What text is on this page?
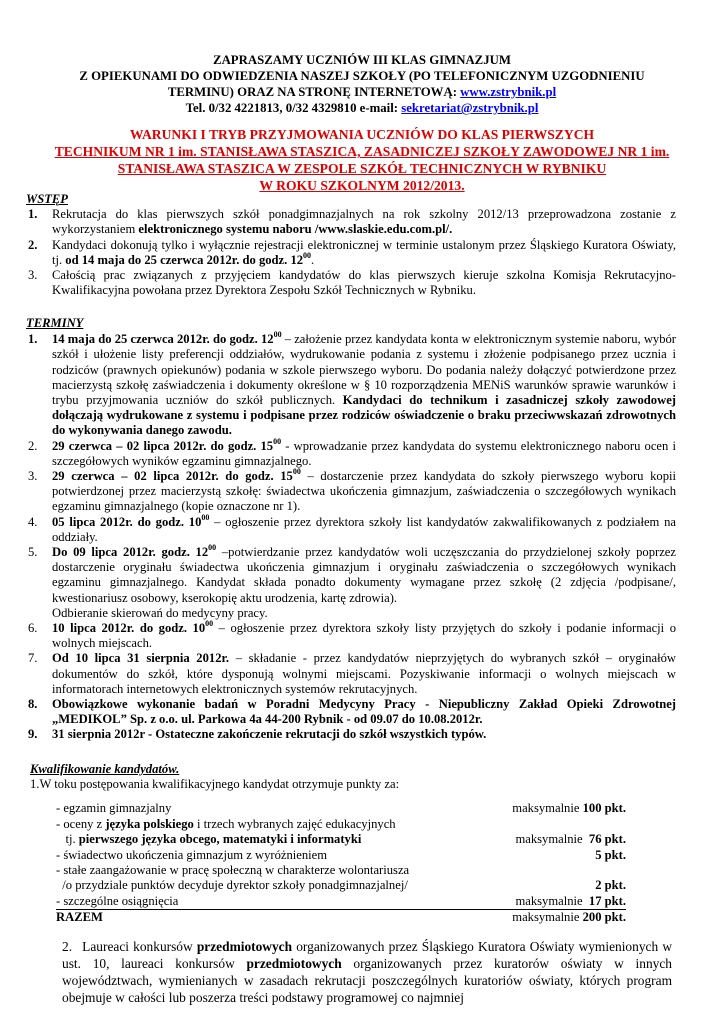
ZAPRASZAMY UCZNIÓW III KLAS GIMNAZJUM

Z OPIEKUNAMI DO ODWIEDZENIA NASZEJ SZKOŁY (PO TELEFONICZNYM UZGODNIENIU

TERMINU) ORAZ NA STRONĘ INTERNETOWĄ: www.zstrybnik.pl

Tel. 0/32 4221813, 0/32 4329810 e-mail: sekretariat@zstrybnik.pl

WARUNKI I TRYB PRZYJMOWANIA UCZNIÓW DO KLAS PIERWSZYCH

TECHNIKUM NR 1 im. STANISŁAWA STASZICA, ZASADNICZEJ SZKOŁY ZAWODOWEJ NR 1 im.

STANISŁAWA STASZICA W ZESPOLE SZKÓŁ TECHNICZNYCH W RYBNIKU

W ROKU SZKOLNYM 2012/2013.

WSTĘP

1. Rekrutacja do klas pierwszych szkół ponadgimnazjalnych na rok szkolny 2012/13 przeprowadzona zostanie z wykorzystaniem elektronicznego systemu naboru /www.slaskie.edu.com.pl/.

2. Kandydaci dokonują tylko i wyłącznie rejestracji elektronicznej w terminie ustalonym przez Śląskiego Kuratora Oświaty, tj. od 14 maja do 25 czerwca 2012r. do godz. $12^{00}$.

3. Całością prac związanych z przyjęciem kandydatów do klas pierwszych kieruje szkolna Komisja Rekrutacyjno-Kwalifikacyjna powołana przez Dyrektora Zespołu Szkół Technicznych w Rybniku.

TERMINY

1. 14 maja do 25 czerwca 2012r. do godz. $12^{00}$ – założenie przez kandydata konta w elektronicznym systemie naboru, wybór szkół i ułożenie listy preferencji oddziałów, wydrukowanie podania z systemu i złożenie podpisanego przez ucznia i rodziców (prawnych opiekunów) podania w szkole pierwszego wyboru. Do podania należy dołączyć potwierdzone przez macierzystą szkołę zaświadczenia i dokumenty określone w § 10 rozporządzenia MENiS warunków sprawie warunków i trybu przyjmowania uczniów do szkół publicznych. Kandydaci do technikum i zasadniczej szkoły zawodowej dołączają wydrukowane z systemu i podpisane przez rodziców oświadczenie o braku przeciwwskazań zdrowotnych do wykonywania danego zawodu.

2. 29 czerwca – 02 lipca 2012r. do godz. $15^{00}$ - wprowadzanie przez kandydata do systemu elektronicznego naboru ocen i szczegółowych wyników egzaminu gimnazjalnego.

3. 29 czerwca – 02 lipca 2012r. do godz. $15^{00}$ – dostarczenie przez kandydata do szkoły pierwszego wyboru kopii potwierdzonej przez macierzystą szkołę: świadectwa ukończenia gimnazjum, zaświadczenia o szczegółowych wynikach egzaminu gimnazjalnego (kopie oznaczone nr 1).

4. 05 lipca 2012r. do godz. $10^{00}$ – ogłoszenie przez dyrektora szkoły list kandydatów zakwalifikowanych z podziałem na oddziały.

5. Do 09 lipca 2012r. godz. $12^{00}$ –potwierdzanie przez kandydatów woli uczęszczania do przydzielonej szkoły poprzez dostarczenie oryginału świadectwa ukończenia gimnazjum i oryginału zaświadczenia o szczegółowych wynikach egzaminu gimnazjalnego. Kandydat składa ponadto dokumenty wymagane przez szkołę (2 zdjęcia /podpisane/, kwestionariusz osobowy, kserokopię aktu urodzenia, kartę zdrowia).
Odbieranie skierowań do medycyny pracy.

6. 10 lipca 2012r. do godz. $10^{00}$ – ogłoszenie przez dyrektora szkoły listy przyjętych do szkoły i podanie informacji o wolnych miejscach.

7. Od 10 lipca 31 sierpnia 2012r. – składanie - przez kandydatów nieprzyjętych do wybranych szkół – oryginałów dokumentów do szkół, które dysponują wolnymi miejscami. Pozyskiwanie informacji o wolnych miejscach w informatorach internetowych elektronicznych systemów rekrutacyjnych.

8. Obowiązkowe wykonanie badań w Poradni Medycyny Pracy - Niepubliczny Zakład Opieki Zdrowotnej „MEDIKOL” Sp. z o.o. ul. Parkowa 4a 44-200 Rybnik - od 09.07 do 10.08.2012r.

9. 31 sierpnia 2012r - Ostateczne zakończenie rekrutacji do szkół wszystkich typów.

Kwalifikowanie kandydatów.

1.W toku postępowania kwalifikacyjnego kandydat otrzymuje punkty za:

- egzamin gimnazjalny	maksymalnie 100 pkt.
- oceny z języka polskiego i trzech wybranych zajęć edukacyjnych
tj. pierwszego języka obcego, matematyki i informatyki	maksymalnie  76 pkt.
- świadectwo ukończenia gimnazjum z wyróżnieniem	5 pkt.
- stałe zaangażowanie w pracę społeczną w charakterze wolontariusza
/o przydziale punktów decyduje dyrektor szkoły ponadgimnazjalnej/	2 pkt.
- szczególne osiągnięcia	maksymalnie  17 pkt.
RAZEM	maksymalnie 200 pkt.
2. Laureaci konkursów przedmiotowych organizowanych przez Śląskiego Kuratora Oświaty wymienionych w ust. 10, laureaci konkursów przedmiotowych organizowanych przez kuratorów oświaty w innych województwach, wymienianych w zasadach rekrutacji poszczególnych kuratoriów oświaty, których program obejmuje w całości lub poszerza treści podstawy programowej co najmniej
